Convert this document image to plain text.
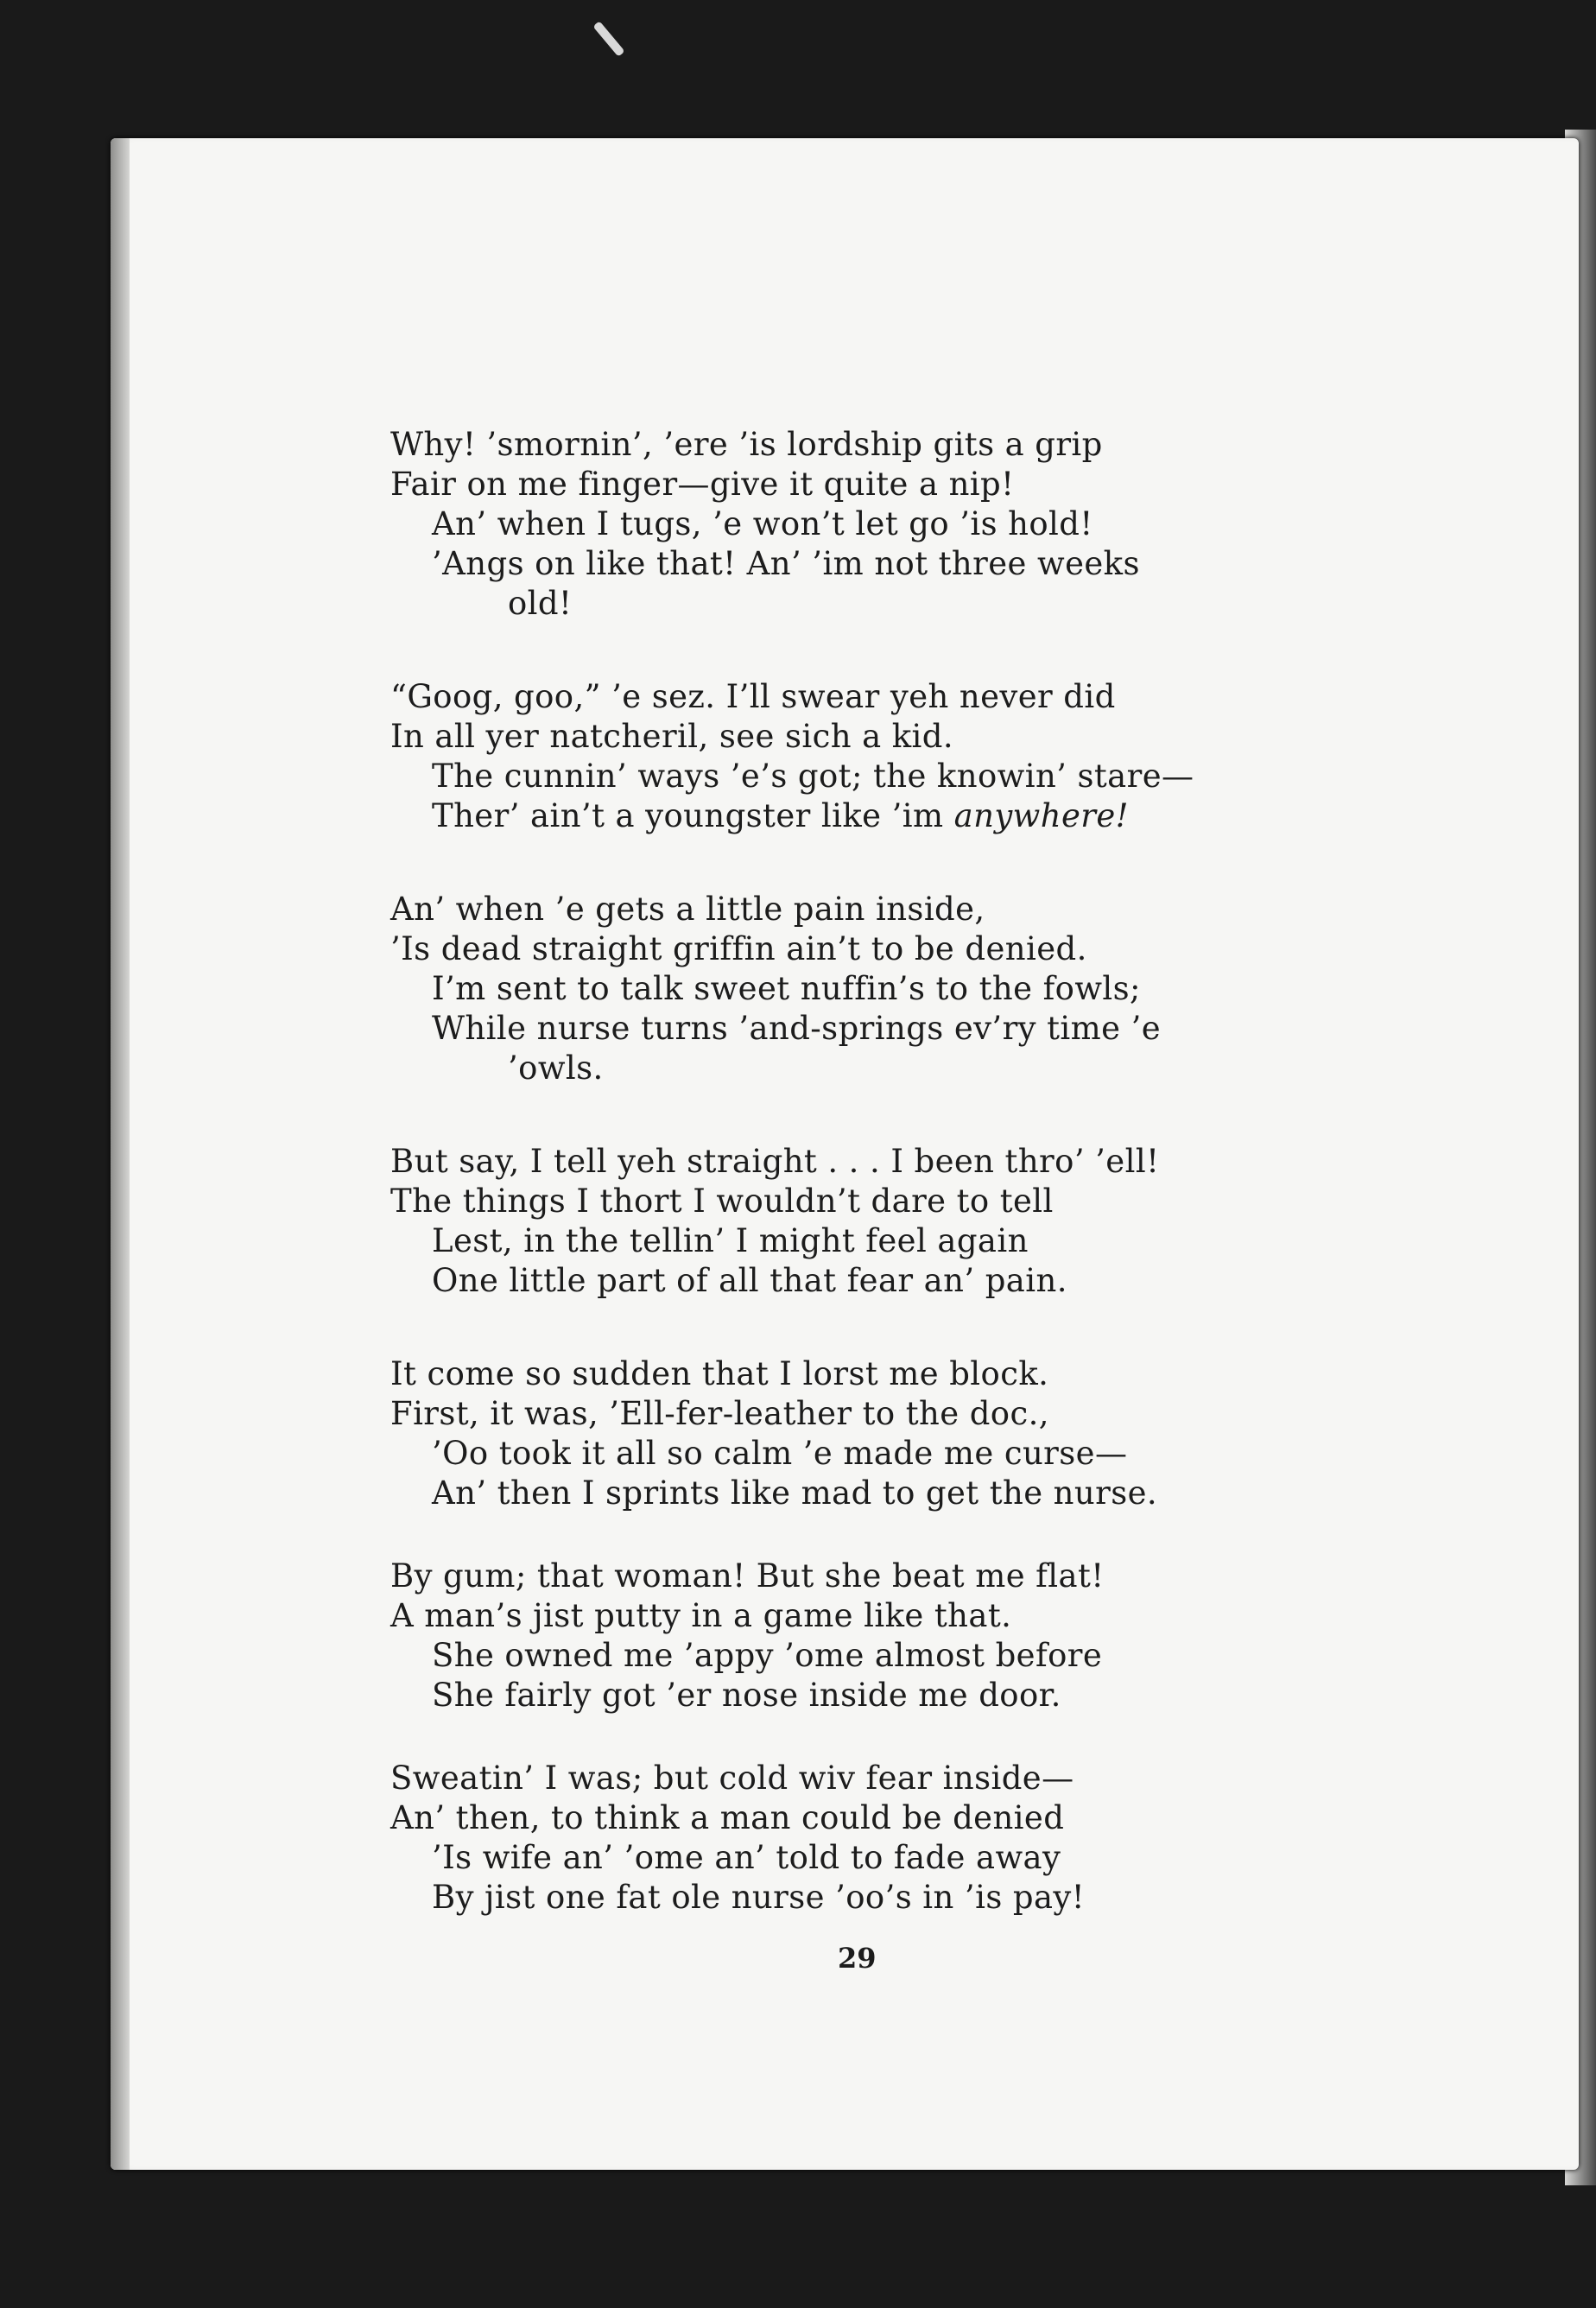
Why! ’smornin’, ’ere ’is lordship gits a grip
Fair on me finger—give it quite a nip!
An’ when I tugs, ’e won’t let go ’is hold!
’Angs on like that! An’ ’im not three weeks
old!
“Goog, goo,” ’e sez. I’ll swear yeh never did
In all yer natcheril, see sich a kid.
The cunnin’ ways ’e’s got; the knowin’ stare—
Ther’ ain’t a youngster like ’im anywhere!
An’ when ’e gets a little pain inside,
’Is dead straight griffin ain’t to be denied.
I’m sent to talk sweet nuffin’s to the fowls;
While nurse turns ’and-springs ev’ry time ’e
’owls.
But say, I tell yeh straight . . . I been thro’ ’ell!
The things I thort I wouldn’t dare to tell
Lest, in the tellin’ I might feel again
One little part of all that fear an’ pain.
It come so sudden that I lorst me block.
First, it was, ’Ell-fer-leather to the doc.,
’Oo took it all so calm ’e made me curse—
An’ then I sprints like mad to get the nurse.
By gum; that woman! But she beat me flat!
A man’s jist putty in a game like that.
She owned me ’appy ’ome almost before
She fairly got ’er nose inside me door.
Sweatin’ I was; but cold wiv fear inside—
An’ then, to think a man could be denied
’Is wife an’ ’ome an’ told to fade away
By jist one fat ole nurse ’oo’s in ’is pay!
29
